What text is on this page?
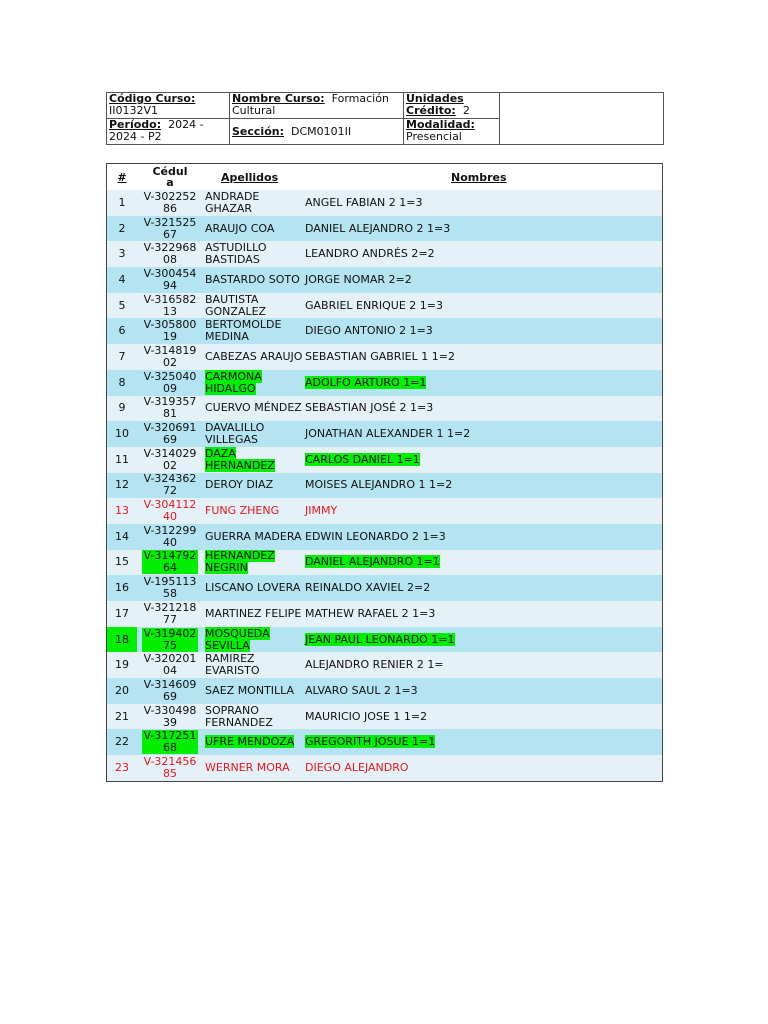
Código Curso:  II0132V1	Nombre Curso: Formación Cultural	Unidades Crédito: 2	
Período: 2024 - 2024 - P2	Sección: DCM0101II	Modalidad:  Presencial	
#	Cédula	Apellidos	Nombres
1	V-30225286	ANDRADE GHAZAR	ANGEL FABIAN 2 1=3
2	V-32152567	ARAUJO COA	DANIEL ALEJANDRO 2 1=3
3	V-32296808	ASTUDILLO BASTIDAS	LEANDRO ANDRÉS 2=2
4	V-30045494	BASTARDO SOTO	JORGE NOMAR 2=2
5	V-31658213	BAUTISTA GONZALEZ	GABRIEL ENRIQUE 2 1=3
6	V-30580019	BERTOMOLDE MEDINA	DIEGO ANTONIO 2 1=3
7	V-31481902	CABEZAS ARAUJO	SEBASTIAN GABRIEL 1 1=2
8	V-32504009	CARMONA HIDALGO	ADOLFO ARTURO 1=1
9	V-31935781	CUERVO MÉNDEZ	SEBASTIAN JOSÉ 2 1=3
10	V-32069169	DAVALILLO VILLEGAS	JONATHAN ALEXANDER 1 1=2
11	V-31402902	DAZA HERNANDEZ	CARLOS DANIEL 1=1
12	V-32436272	DEROY DIAZ	MOISES ALEJANDRO 1 1=2
13	V-30411240	FUNG ZHENG	JIMMY
14	V-31229940	GUERRA MADERA	EDWIN LEONARDO 2 1=3
15	V-31479264	HERNANDEZ NEGRIN	DANIEL ALEJANDRO 1=1
16	V-19511358	LISCANO LOVERA	REINALDO XAVIEL 2=2
17	V-32121877	MARTINEZ FELIPE	MATHEW RAFAEL 2 1=3
18	V-31940275	MOSQUEDA SEVILLA	JEAN PAUL LEONARDO 1=1
19	V-32020104	RAMIREZ EVARISTO	ALEJANDRO RENIER 2 1=
20	V-31460969	SAEZ MONTILLA	ALVARO SAUL 2 1=3
21	V-33049839	SOPRANO FERNANDEZ	MAURICIO JOSE 1 1=2
22	V-31725168	UFRE MENDOZA	GREGORITH JOSUE 1=1
23	V-32145685	WERNER MORA	DIEGO ALEJANDRO
